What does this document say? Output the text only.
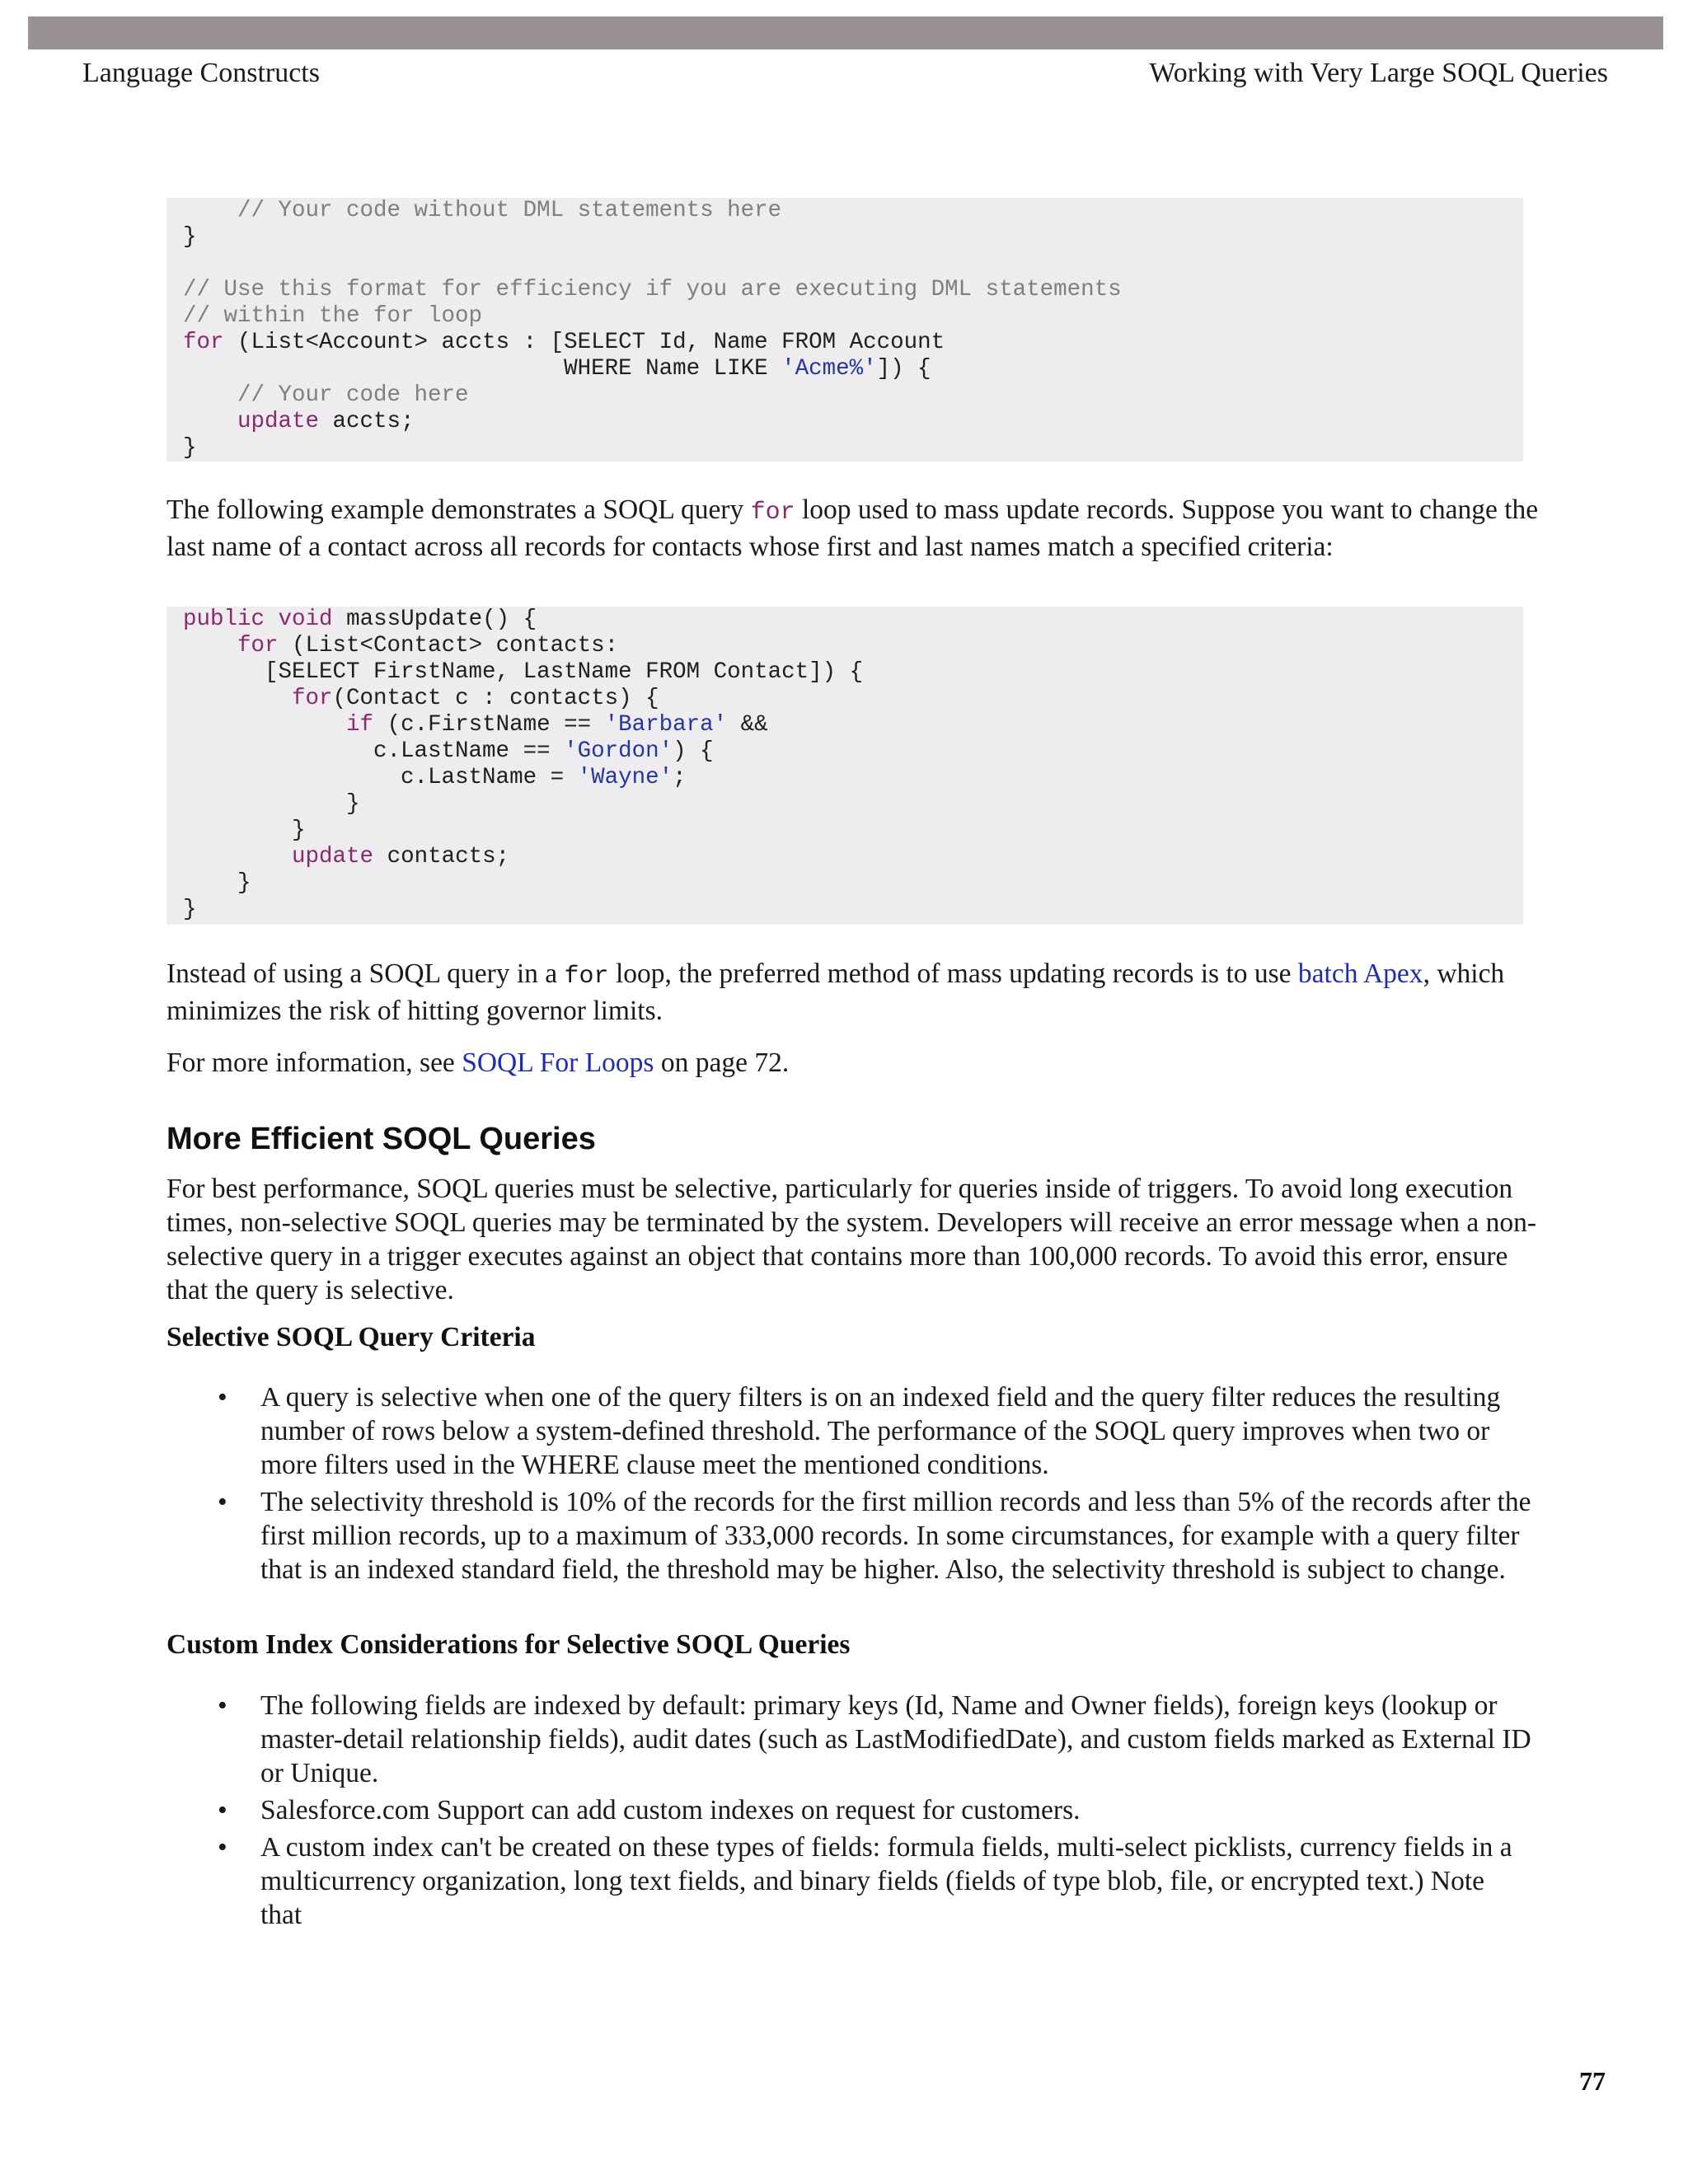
Language Constructs	Working with Very Large SOQL Queries
// Your code without DML statements here
}

// Use this format for efficiency if you are executing DML statements
// within the for loop
for (List<Account> accts : [SELECT Id, Name FROM Account
WHERE Name LIKE 'Acme%']) {
// Your code here
update accts;
}

The following example demonstrates a SOQL query for loop used to mass update records. Suppose you want to change the last name of a contact across all records for contacts whose first and last names match a specified criteria:

public void massUpdate() {
for (List<Contact> contacts:
[SELECT FirstName, LastName FROM Contact]) {
for(Contact c : contacts) {
if (c.FirstName == 'Barbara' &&
c.LastName == 'Gordon') {
c.LastName = 'Wayne';
}
}
update contacts;
}
}

Instead of using a SOQL query in a for loop, the preferred method of mass updating records is to use batch Apex, which minimizes the risk of hitting governor limits.

For more information, see SOQL For Loops on page 72.

More Efficient SOQL Queries

For best performance, SOQL queries must be selective, particularly for queries inside of triggers. To avoid long execution times, non-selective SOQL queries may be terminated by the system. Developers will receive an error message when a non-selective query in a trigger executes against an object that contains more than 100,000 records. To avoid this error, ensure that the query is selective.

Selective SOQL Query Criteria
• A query is selective when one of the query filters is on an indexed field and the query filter reduces the resulting number of rows below a system-defined threshold. The performance of the SOQL query improves when two or more filters used in the WHERE clause meet the mentioned conditions.
• The selectivity threshold is 10% of the records for the first million records and less than 5% of the records after the first million records, up to a maximum of 333,000 records. In some circumstances, for example with a query filter that is an indexed standard field, the threshold may be higher. Also, the selectivity threshold is subject to change.
Custom Index Considerations for Selective SOQL Queries
• The following fields are indexed by default: primary keys (Id, Name and Owner fields), foreign keys (lookup or master-detail relationship fields), audit dates (such as LastModifiedDate), and custom fields marked as External ID or Unique.
• Salesforce.com Support can add custom indexes on request for customers.
• A custom index can't be created on these types of fields: formula fields, multi-select picklists, currency fields in a multicurrency organization, long text fields, and binary fields (fields of type blob, file, or encrypted text.) Note that
77
